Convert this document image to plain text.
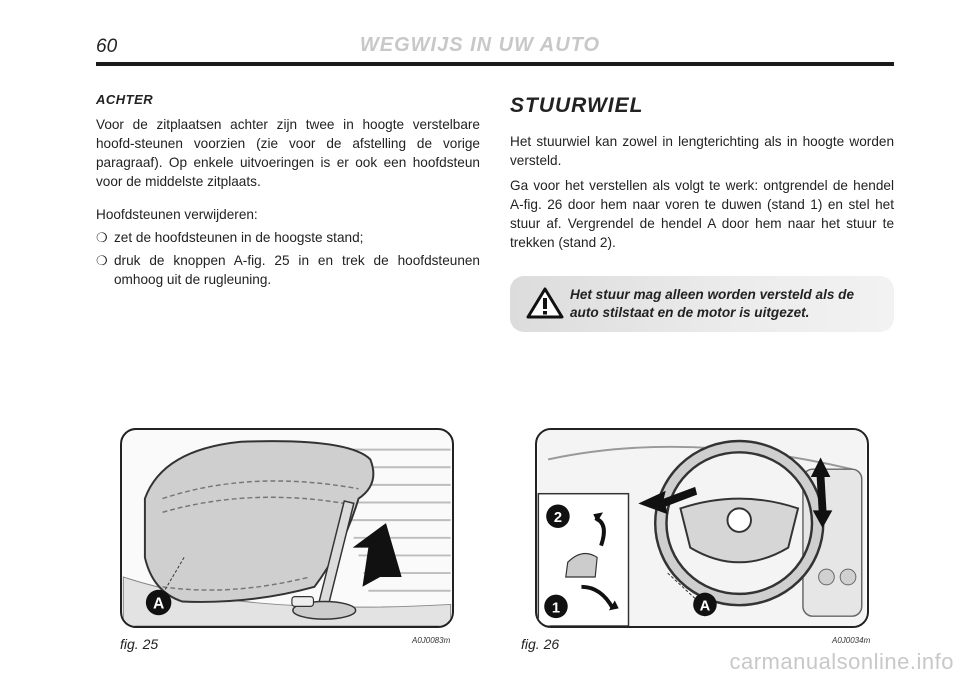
60	WEGWIJS IN UW AUTO
ACHTER
Voor de zitplaatsen achter zijn twee in hoogte verstelbare hoofd-steunen voorzien (zie voor de afstelling de vorige paragraaf). Op enkele uitvoeringen is er ook een hoofdsteun voor de middelste zitplaats.
Hoofdsteunen verwijderen:
❍ zet de hoofdsteunen in de hoogste stand;
❍ druk de knoppen A-fig. 25 in en trek de hoofdsteunen omhoog uit de rugleuning.
STUURWIEL
Het stuurwiel kan zowel in lengterichting als in hoogte worden versteld.
Ga voor het verstellen als volgt te werk: ontgrendel de hendel A-fig. 26 door hem naar voren te duwen (stand 1) en stel het stuur af. Vergrendel de hendel A door hem naar het stuur te trekken (stand 2).
Het stuur mag alleen worden versteld als de auto stilstaat en de motor is uitgezet.
A
fig. 25	A0J0083m
2
1	A
fig. 26	A0J0034m
carmanualsonline.info
